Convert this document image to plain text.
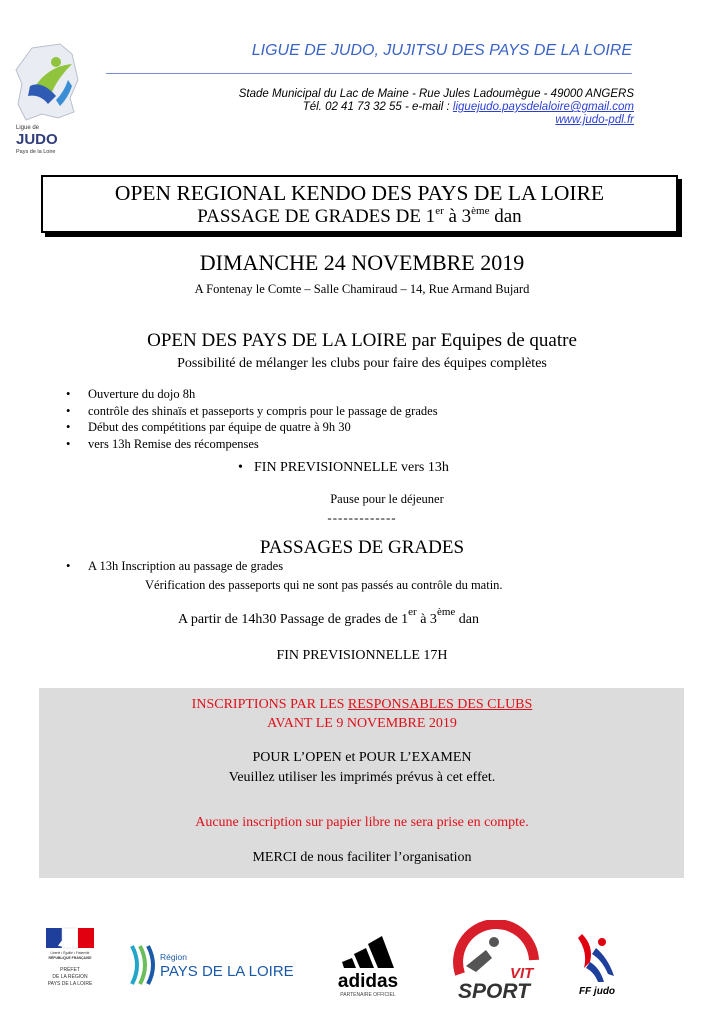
Ligue de
JUDO
Pays de la Loire
LIGUE DE JUDO, JUJITSU DES PAYS DE LA LOIRE
Stade Municipal du Lac de Maine - Rue Jules Ladoumègue - 49000 ANGERS
Tél. 02 41 73 32 55 - e-mail : liguejudo.paysdelaloire@gmail.com
www.judo-pdl.fr
OPEN REGIONAL KENDO DES PAYS DE LA LOIRE
PASSAGE DE GRADES DE 1er à 3ème dan
DIMANCHE 24 NOVEMBRE 2019
A Fontenay le Comte – Salle Chamiraud – 14, Rue Armand Bujard
OPEN DES PAYS DE LA LOIRE par Equipes de quatre
Possibilité de mélanger les clubs pour faire des équipes complètes
• Ouverture du dojo 8h
• contrôle des shinaïs et passeports y compris pour le passage de grades
• Début des compétitions par équipe de quatre à 9h 30
• vers 13h Remise des récompenses
• FIN PREVISIONNELLE vers 13h
Pause pour le déjeuner
-------------
PASSAGES DE GRADES
• A 13h Inscription au passage de grades
Vérification des passeports qui ne sont pas passés au contrôle du matin.
A partir de 14h30 Passage de grades de 1er à 3ème dan
FIN PREVISIONNELLE 17H
INSCRIPTIONS PAR LES RESPONSABLES DES CLUBS
AVANT LE 9 NOVEMBRE 2019
POUR L’OPEN et POUR L’EXAMEN
Veuillez utiliser les imprimés prévus à cet effet.
Aucune inscription sur papier libre ne sera prise en compte.
MERCI de nous faciliter l’organisation
Liberté • Égalité • Fraternité
RÉPUBLIQUE FRANÇAISE
PRÉFET
DE LA RÉGION
PAYS DE LA LOIRE
Région
PAYS DE LA LOIRE adidas
PARTENAIRE OFFICIEL
VIT
SPORT	FF judo
